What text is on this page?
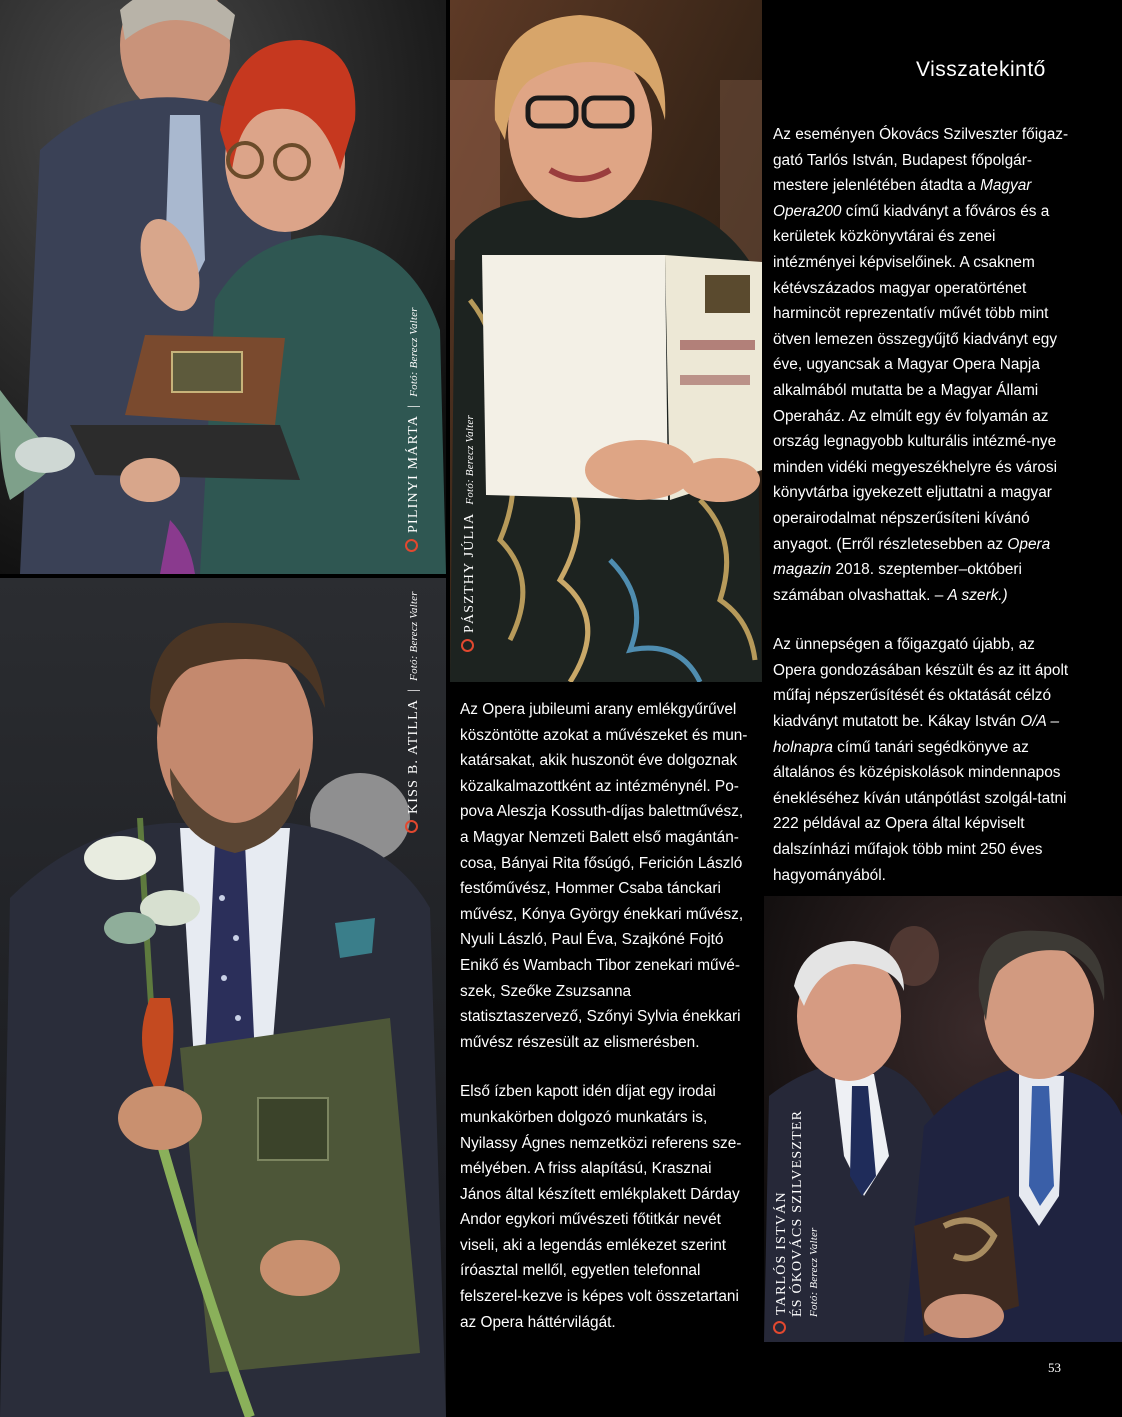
PILINYI MÁRTA |Fotó: Berecz Valter
PÁSZTHY JÚLIA Fotó: Berecz Valter
KISS B. ATILLA |Fotó: Berecz Valter
TARLÓS ISTVÁN ÉS ÓKOVÁCS SZILVESZTER Fotó: Berecz Valter
Visszatekintő

Az eseményen Ókovács Szilveszter főigaz-gató Tarlós István, Budapest főpolgár-mestere jelenlétében átadta a Magyar Opera200 című kiadványt a főváros és a kerületek közkönyvtárai és zenei intézményei képviselőinek. A csaknem kétévszázados magyar operatörténet harmincöt reprezentatív művét több mint ötven lemezen összegyűjtő kiadványt egy éve, ugyancsak a Magyar Opera Napja alkalmából mutatta be a Magyar Állami Operaház. Az elmúlt egy év folyamán az ország legnagyobb kulturális intézmé-nye minden vidéki megyeszékhelyre és városi könyvtárba igyekezett eljuttatni a magyar operairodalmat népszerűsíteni kívánó anyagot. (Erről részletesebben az Opera magazin 2018. szeptember–októberi számában olvashattak. – A szerk.)

Az ünnepségen a főigazgató újabb, az Opera gondozásában készült és az itt ápolt műfaj népszerűsítését és oktatását célzó kiadványt mutatott be. Kákay István O/A – holnapra című tanári segédkönyve az általános és középiskolások mindennapos énekléséhez kíván utánpótlást szolgál-tatni 222 példával az Opera által képviselt dalszínházi műfajok több mint 250 éves hagyományából.

Az Opera jubileumi arany emlékgyűrűvel köszöntötte azokat a művészeket és mun-katársakat, akik huszonöt éve dolgoznak közalkalmazottként az intézménynél. Po-pova Aleszja Kossuth-díjas balettművész, a Magyar Nemzeti Balett első magántán-cosa, Bányai Rita fősúgó, Ferición László festőművész, Hommer Csaba tánckari művész, Kónya György énekkari művész, Nyuli László, Paul Éva, Szajkóné Fojtó Enikő és Wambach Tibor zenekari művé-szek, Szeőke Zsuzsanna statisztaszervező, Szőnyi Sylvia énekkari művész részesült az elismerésben.

Első ízben kapott idén díjat egy irodai munkakörben dolgozó munkatárs is, Nyilassy Ágnes nemzetközi referens sze-mélyében. A friss alapítású, Krasznai János által készített emlékplakett Dárday Andor egykori művészeti főtitkár nevét viseli, aki a legendás emlékezet szerint íróasztal mellől, egyetlen telefonnal felszerel-kezve is képes volt összetartani az Opera háttérvilágát.

53
